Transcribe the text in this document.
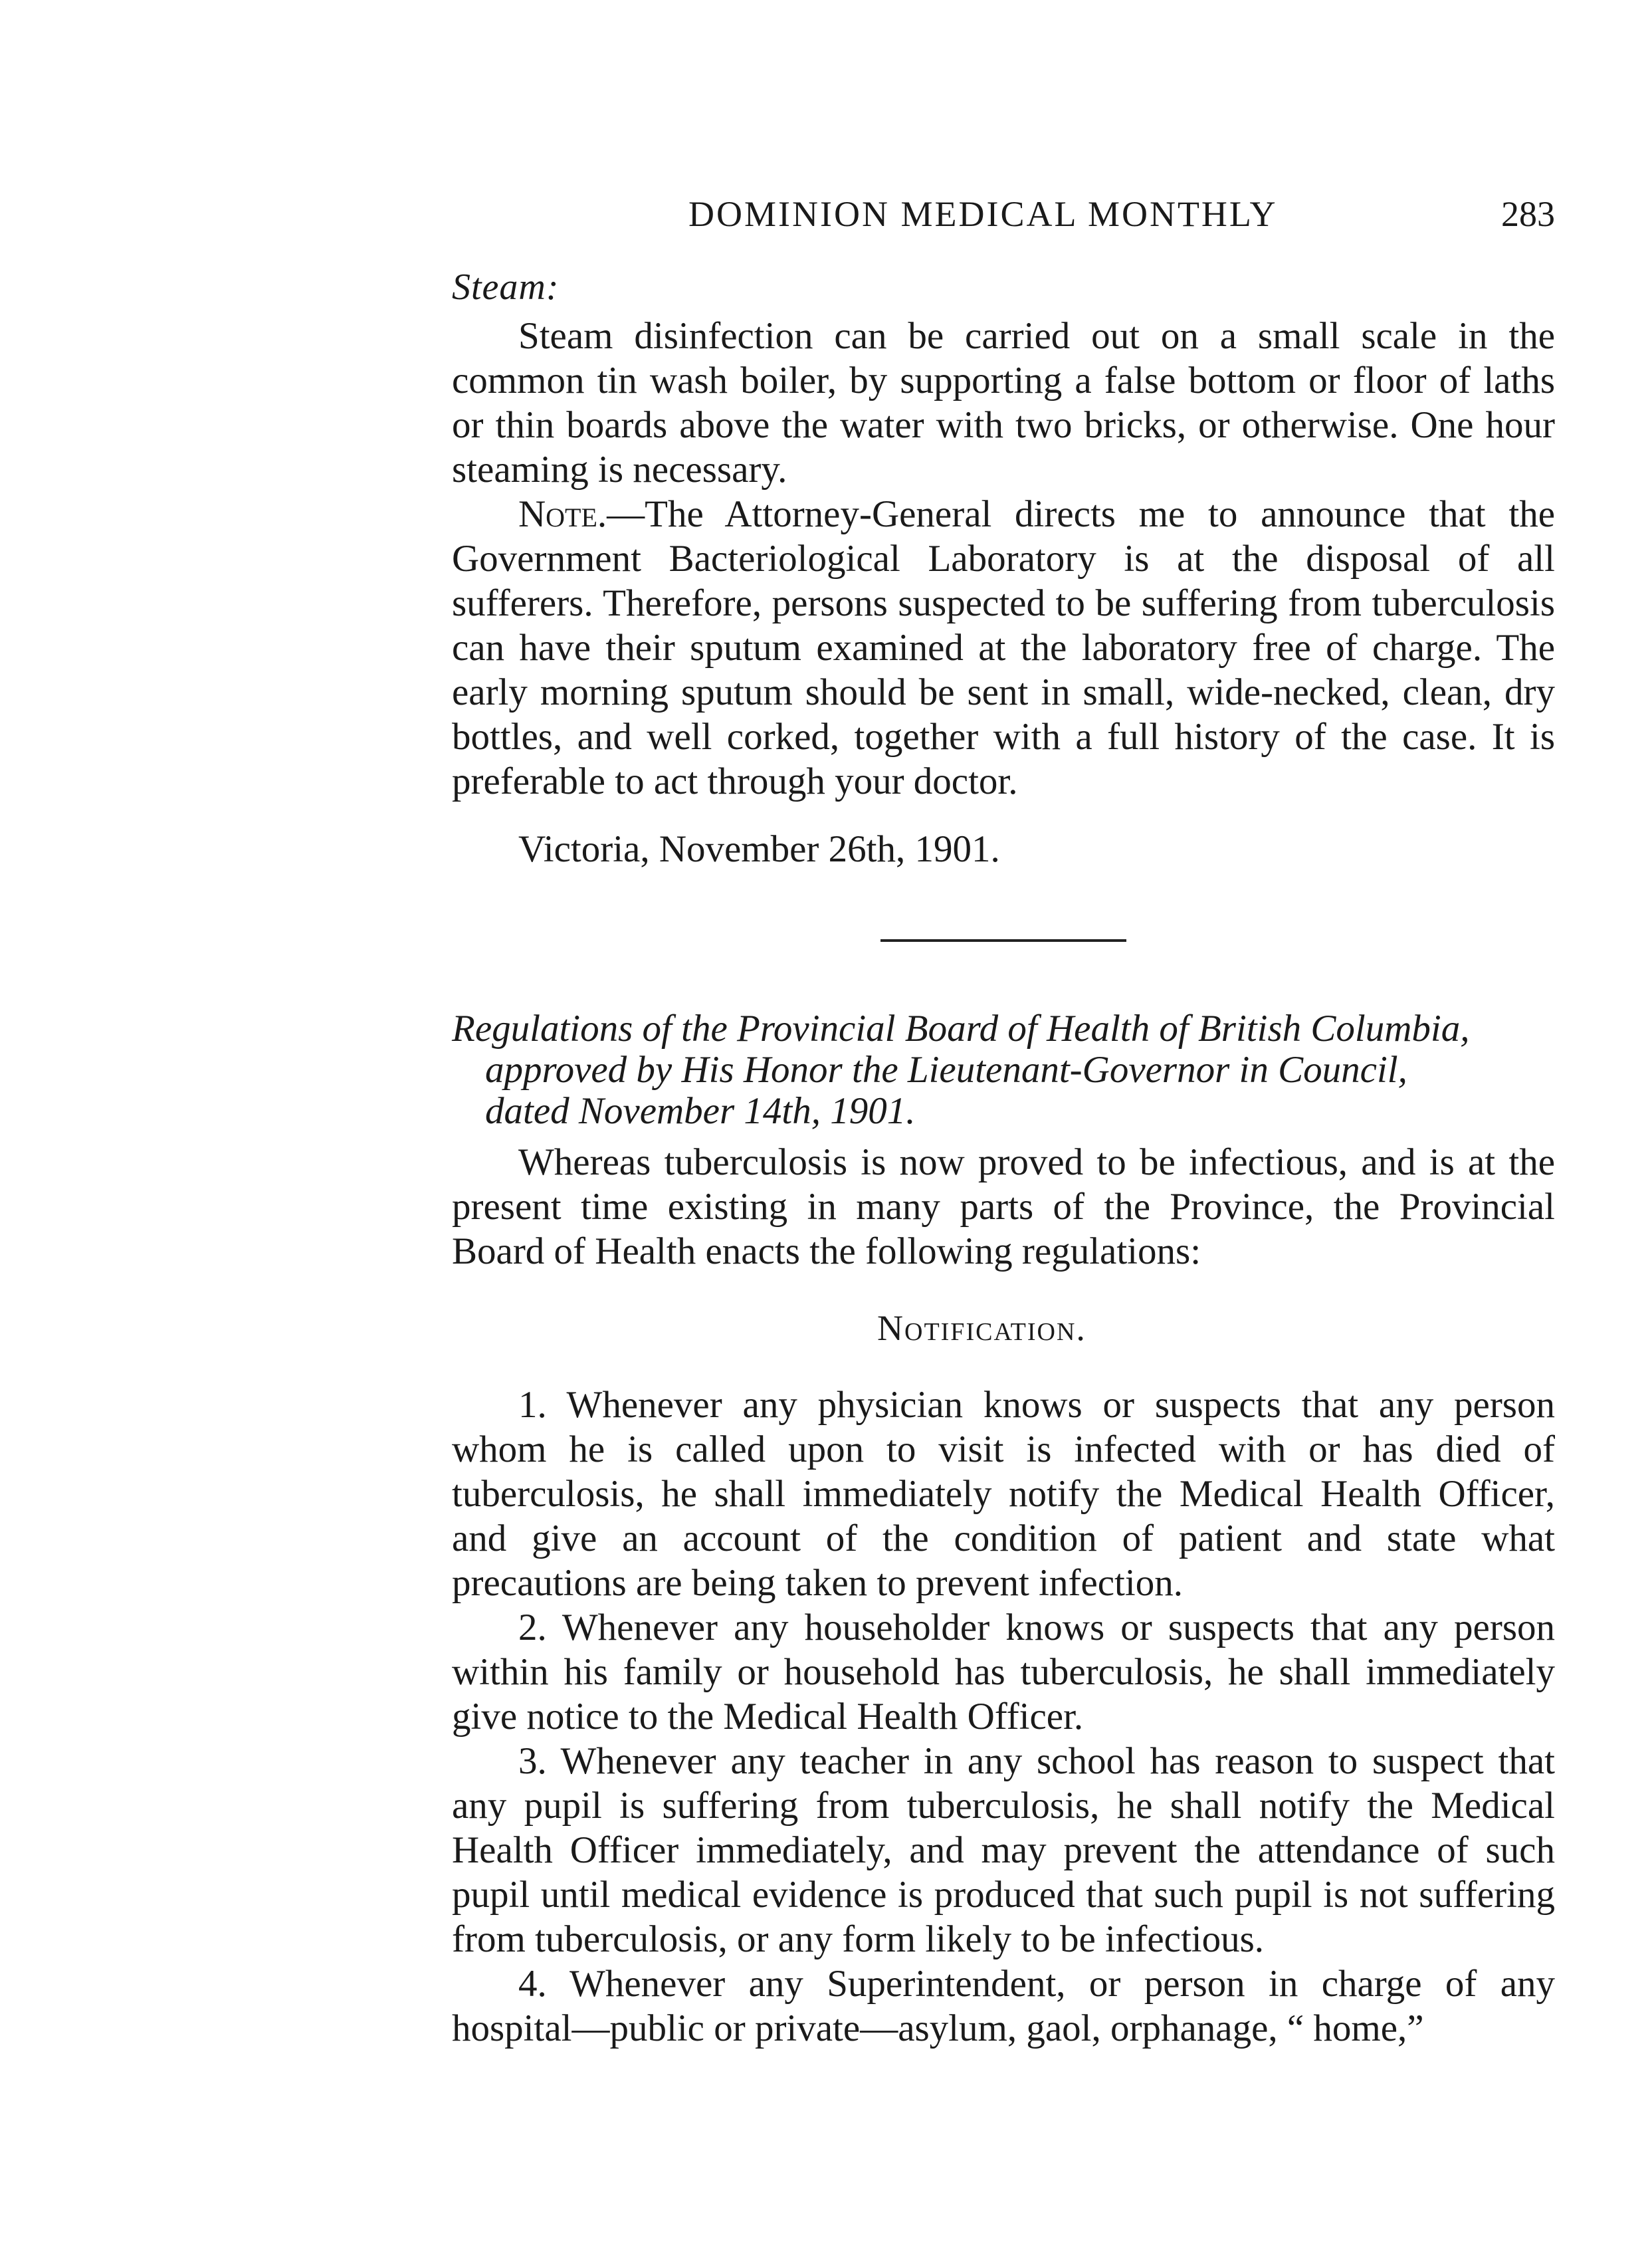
DOMINION MEDICAL MONTHLY	283
Steam:

Steam disinfection can be carried out on a small scale in the common tin wash boiler, by supporting a false bottom or floor of laths or thin boards above the water with two bricks, or otherwise. One hour steaming is necessary.

Note.—The Attorney-General directs me to announce that the Government Bacteriological Laboratory is at the disposal of all sufferers. Therefore, persons suspected to be suffering from tuberculosis can have their sputum examined at the laboratory free of charge. The early morning sputum should be sent in small, wide-necked, clean, dry bottles, and well corked, together with a full history of the case. It is preferable to act through your doctor.

Victoria, November 26th, 1901.
Regulations of the Provincial Board of Health of British Columbia,
approved by His Honor the Lieutenant-Governor in Council,
dated November 14th, 1901.

Whereas tuberculosis is now proved to be infectious, and is at the present time existing in many parts of the Province, the Provincial Board of Health enacts the following regulations:

Notification.

1. Whenever any physician knows or suspects that any person whom he is called upon to visit is infected with or has died of tuberculosis, he shall immediately notify the Medical Health Officer, and give an account of the condition of patient and state what precautions are being taken to prevent infection.

2. Whenever any householder knows or suspects that any person within his family or household has tuberculosis, he shall immediately give notice to the Medical Health Officer.

3. Whenever any teacher in any school has reason to suspect that any pupil is suffering from tuberculosis, he shall notify the Medical Health Officer immediately, and may prevent the attendance of such pupil until medical evidence is produced that such pupil is not suffering from tuberculosis, or any form likely to be infectious.

4. Whenever any Superintendent, or person in charge of any hospital—public or private—asylum, gaol, orphanage, “ home,”
